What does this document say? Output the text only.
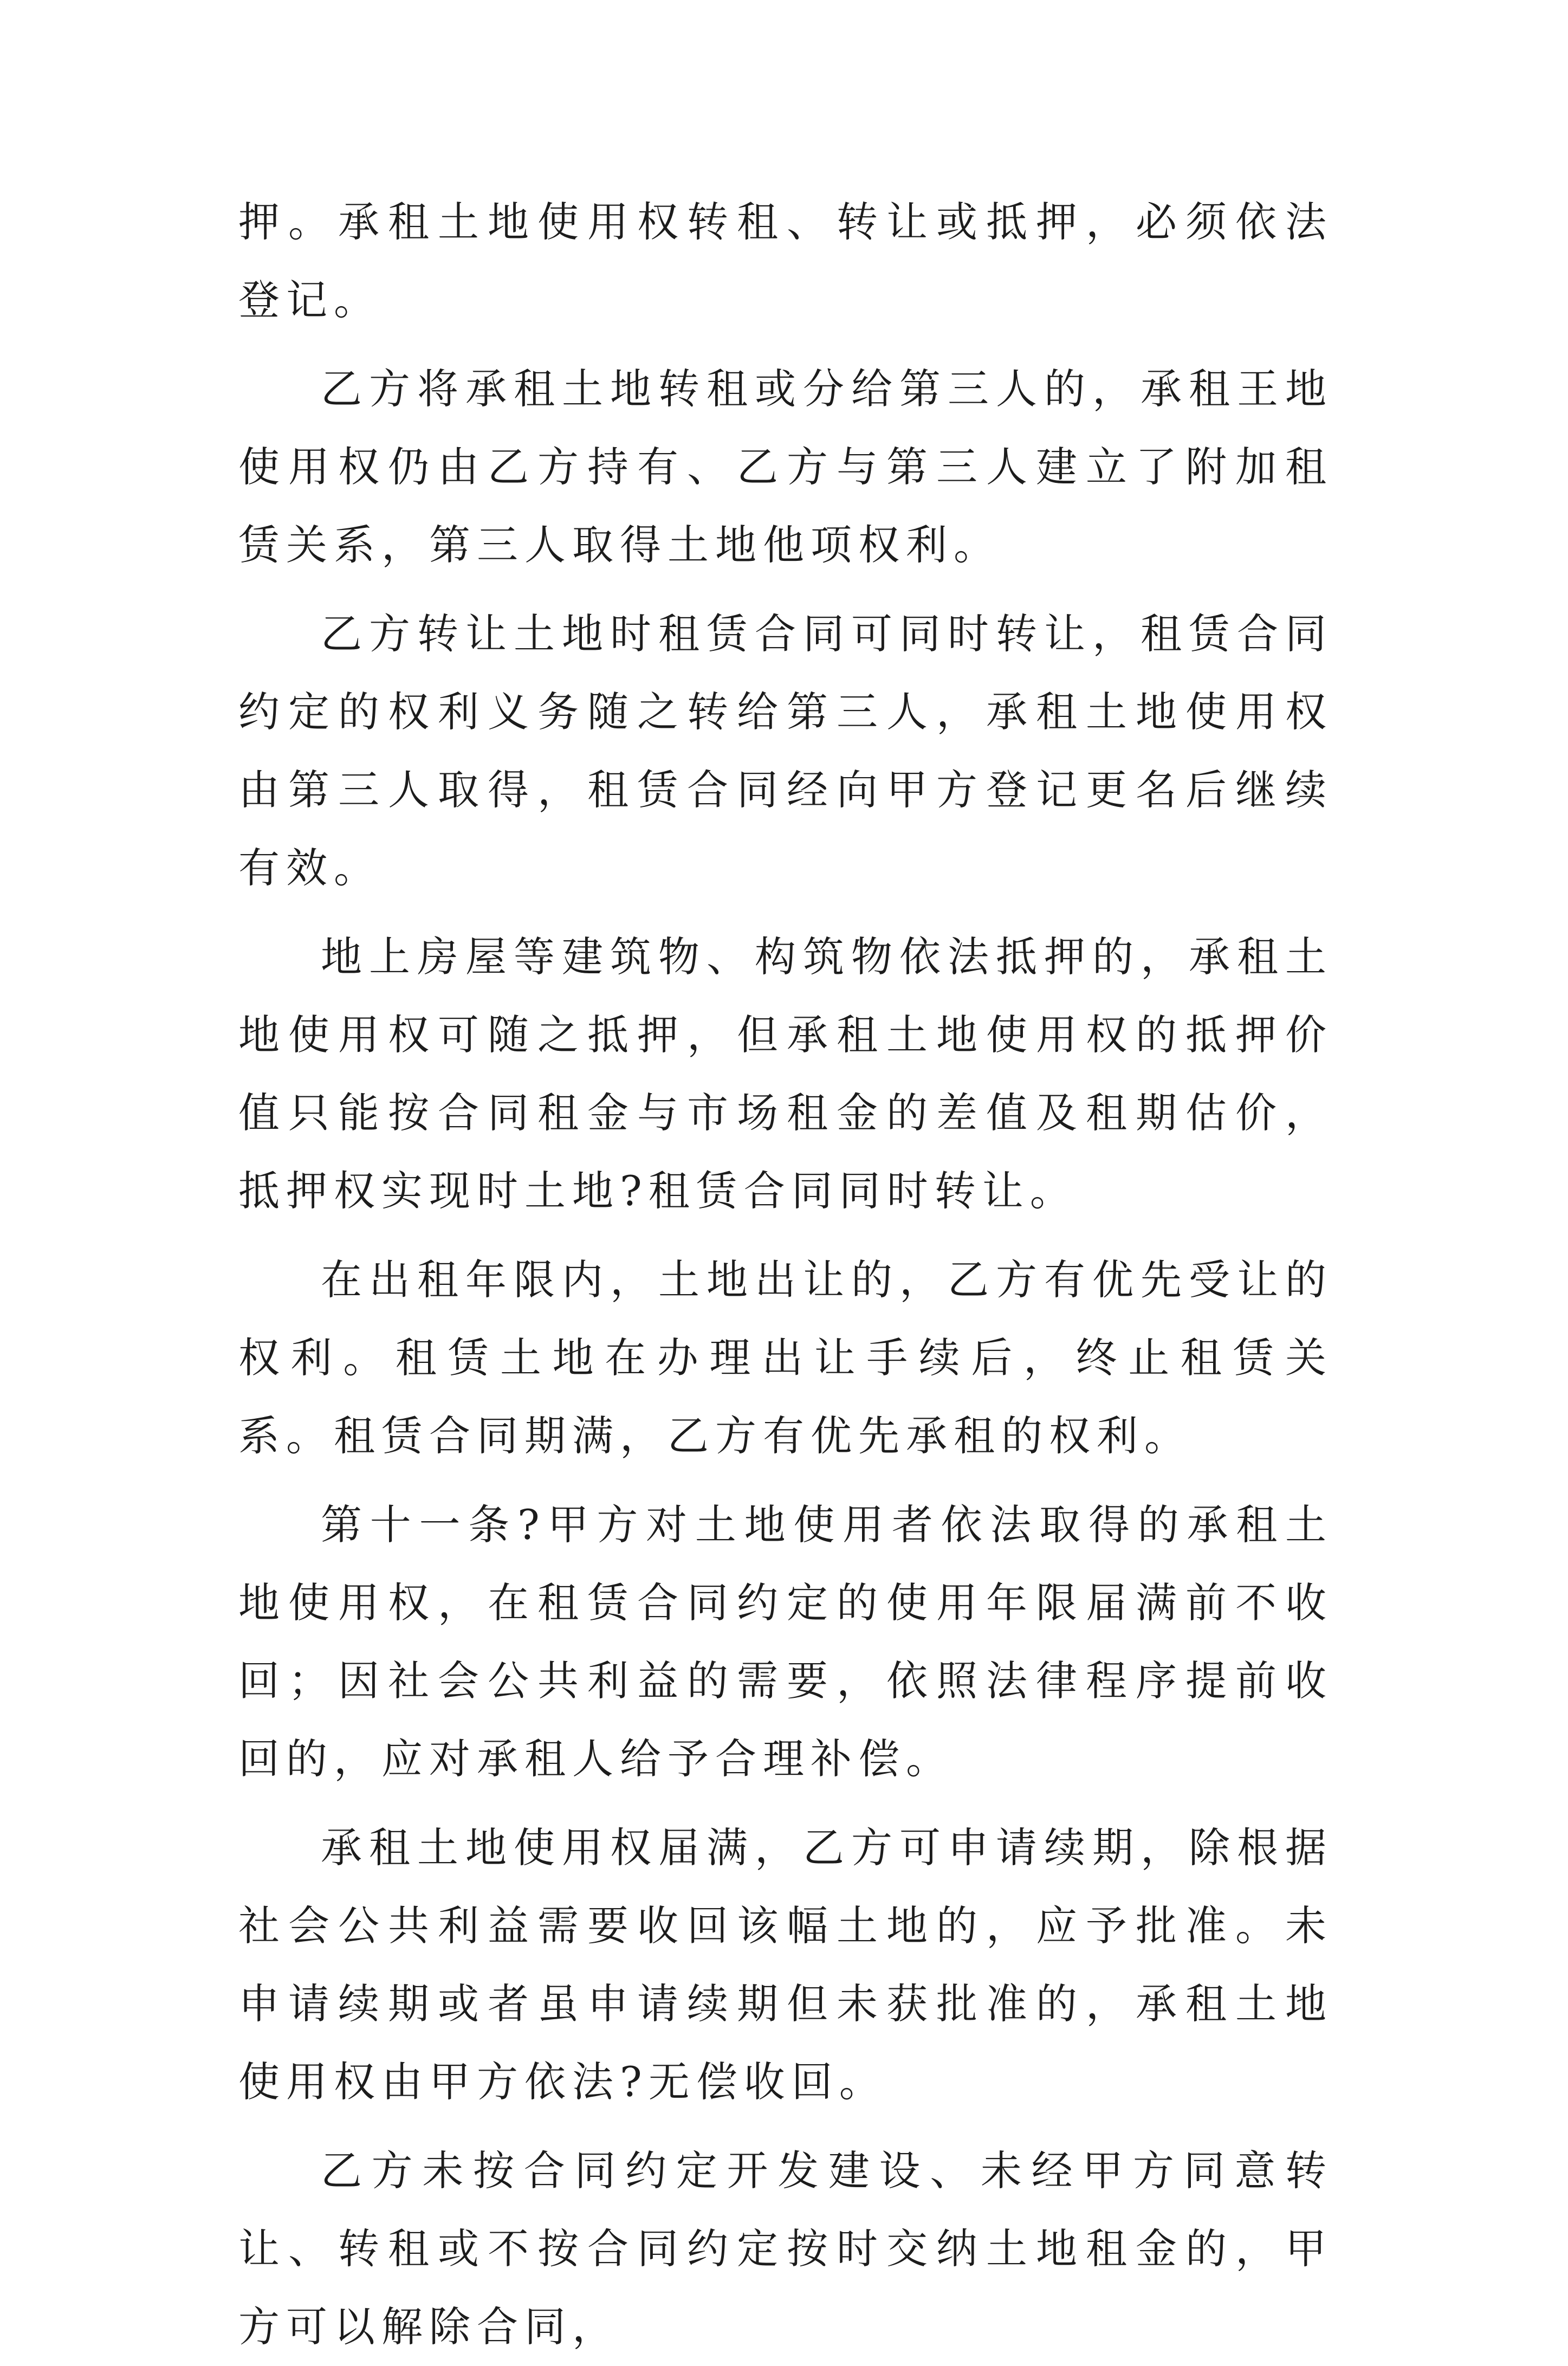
押。承租土地使用权转租、转让或抵押，必须依法登记。

乙方将承租土地转租或分给第三人的，承租王地使用权仍由乙方持有、乙方与第三人建立了附加租赁关系，第三人取得土地他项权利。

乙方转让土地时租赁合同可同时转让，租赁合同约定的权利义务随之转给第三人，承租土地使用权由第三人取得，租赁合同经向甲方登记更名后继续有效。

地上房屋等建筑物、构筑物依法抵押的，承租土地使用权可随之抵押，但承租土地使用权的抵押价值只能按合同租金与市场租金的差值及租期估价，抵押权实现时土地?租赁合同同时转让。

在出租年限内，土地出让的，乙方有优先受让的权利。租赁土地在办理出让手续后，终止租赁关系。租赁合同期满，乙方有优先承租的权利。

第十一条?甲方对土地使用者依法取得的承租土地使用权，在租赁合同约定的使用年限届满前不收回；因社会公共利益的需要，依照法律程序提前收回的，应对承租人给予合理补偿。

承租土地使用权届满，乙方可申请续期，除根据社会公共利益需要收回该幅土地的，应予批准。未申请续期或者虽申请续期但未获批准的，承租土地使用权由甲方依法?无偿收回。

乙方未按合同约定开发建设、未经甲方同意转让、转租或不按合同约定按时交纳土地租金的，甲方可以解除合同，
